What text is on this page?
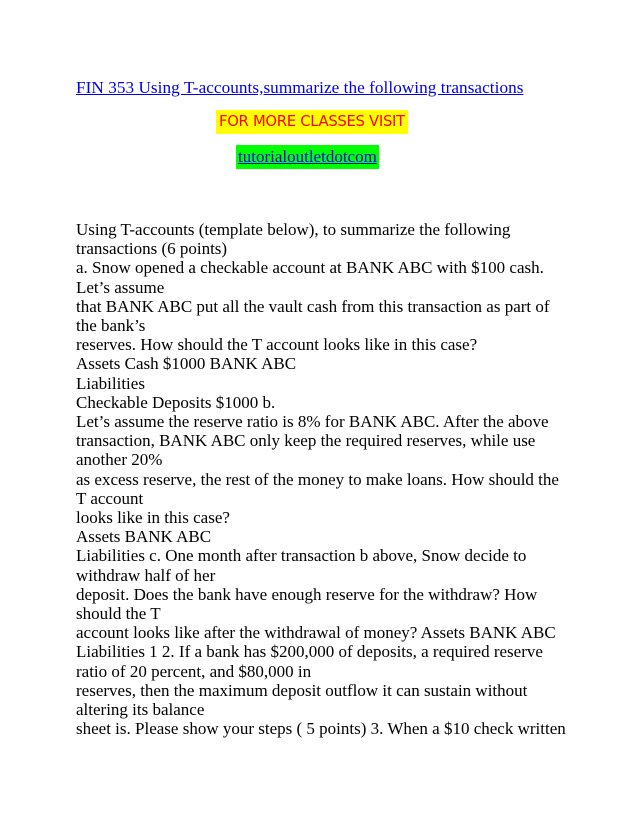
FIN 353 Using T-accounts,summarize the following transactions
FOR MORE CLASSES VISIT
tutorialoutletdotcom
Using T-accounts (template below), to summarize the following
transactions (6 points)
a. Snow opened a checkable account at BANK ABC with $100 cash.
Let’s assume
that BANK ABC put all the vault cash from this transaction as part of
the bank’s
reserves. How should the T account looks like in this case?
Assets Cash $1000 BANK ABC
Liabilities
Checkable Deposits $1000 b.
Let’s assume the reserve ratio is 8% for BANK ABC. After the above
transaction, BANK ABC only keep the required reserves, while use
another 20%
as excess reserve, the rest of the money to make loans. How should the
T account
looks like in this case?
Assets BANK ABC
Liabilities c. One month after transaction b above, Snow decide to
withdraw half of her
deposit. Does the bank have enough reserve for the withdraw? How
should the T
account looks like after the withdrawal of money? Assets BANK ABC
Liabilities 1 2. If a bank has $200,000 of deposits, a required reserve
ratio of 20 percent, and $80,000 in
reserves, then the maximum deposit outflow it can sustain without
altering its balance
sheet is. Please show your steps ( 5 points) 3. When a $10 check written
